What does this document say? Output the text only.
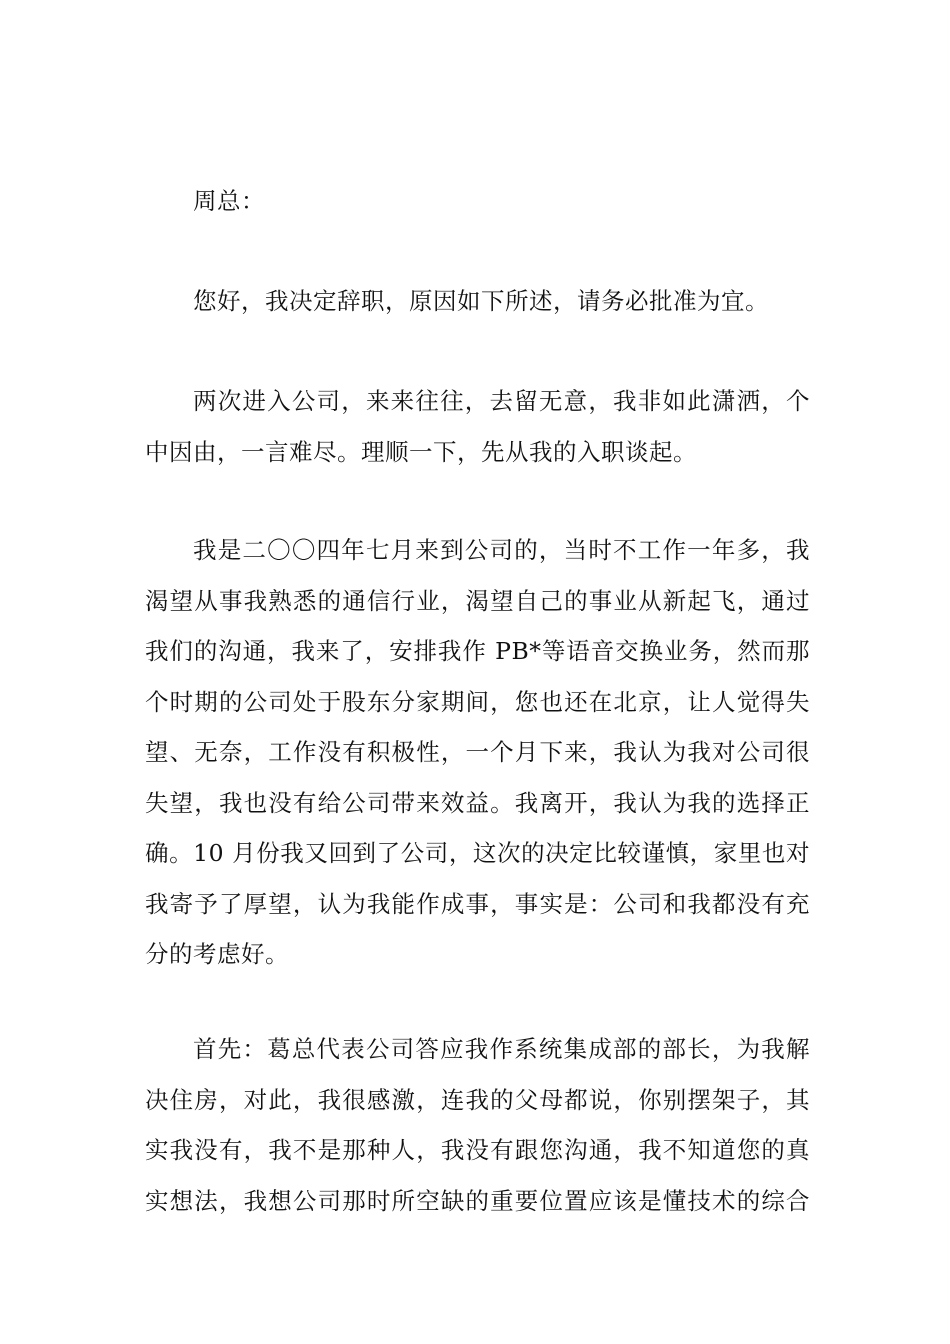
周总：

您好，我决定辞职，原因如下所述，请务必批准为宜。

两次进入公司，来来往往，去留无意，我非如此潇洒，个
中因由，一言难尽。理顺一下，先从我的入职谈起。

我是二〇〇四年七月来到公司的，当时不工作一年多，我
渴望从事我熟悉的通信行业，渴望自己的事业从新起飞，通过
我们的沟通，我来了，安排我作 PB*等语音交换业务，然而那
个时期的公司处于股东分家期间，您也还在北京，让人觉得失
望、无奈，工作没有积极性，一个月下来，我认为我对公司很
失望，我也没有给公司带来效益。我离开，我认为我的选择正
确。10 月份我又回到了公司，这次的决定比较谨慎，家里也对
我寄予了厚望，认为我能作成事，事实是：公司和我都没有充
分的考虑好。

首先：葛总代表公司答应我作系统集成部的部长，为我解
决住房，对此，我很感激，连我的父母都说，你别摆架子，其
实我没有，我不是那种人，我没有跟您沟通，我不知道您的真
实想法，我想公司那时所空缺的重要位置应该是懂技术的综合
